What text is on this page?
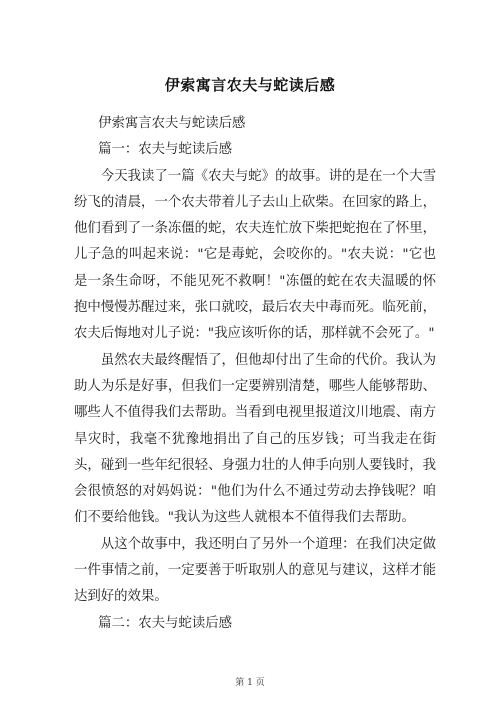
伊索寓言农夫与蛇读后感

伊索寓言农夫与蛇读后感

篇一：农夫与蛇读后感

今天我读了一篇《农夫与蛇》的故事。讲的是在一个大雪纷飞的清晨，一个农夫带着儿子去山上砍柴。在回家的路上，他们看到了一条冻僵的蛇，农夫连忙放下柴把蛇抱在了怀里，儿子急的叫起来说："它是毒蛇，会咬你的。"农夫说："它也是一条生命呀，不能见死不救啊！"冻僵的蛇在农夫温暖的怀抱中慢慢苏醒过来，张口就咬，最后农夫中毒而死。临死前，农夫后悔地对儿子说："我应该听你的话，那样就不会死了。"

虽然农夫最终醒悟了，但他却付出了生命的代价。我认为助人为乐是好事，但我们一定要辨别清楚，哪些人能够帮助、哪些人不值得我们去帮助。当看到电视里报道汶川地震、南方旱灾时，我毫不犹豫地捐出了自己的压岁钱；可当我走在街头，碰到一些年纪很轻、身强力壮的人伸手向别人要钱时，我会很愤怒的对妈妈说："他们为什么不通过劳动去挣钱呢？咱们不要给他钱。"我认为这些人就根本不值得我们去帮助。

从这个故事中，我还明白了另外一个道理：在我们决定做一件事情之前，一定要善于听取别人的意见与建议，这样才能达到好的效果。

篇二：农夫与蛇读后感

第 1 页
